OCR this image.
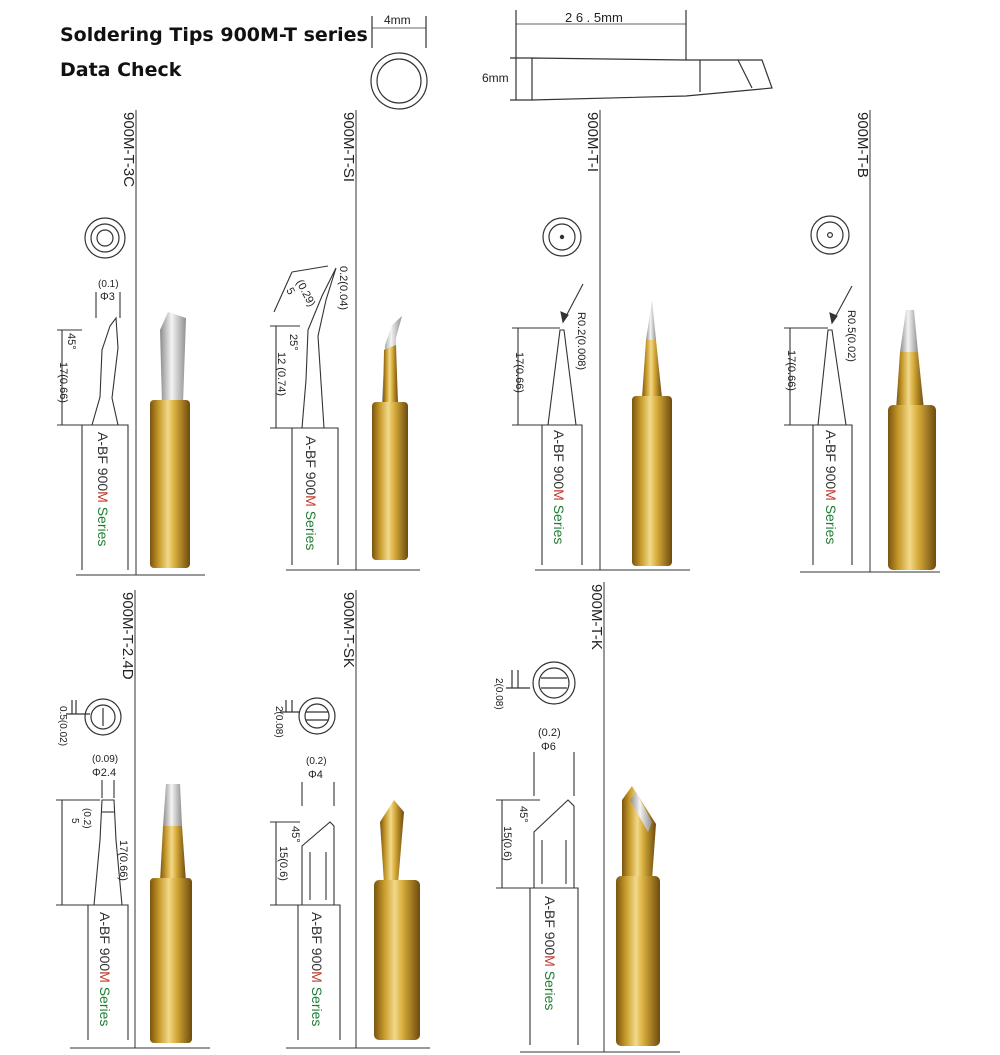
Soldering Tips 900M-T series
Data Check
4mm	2 6 . 5mm
6mm
900M-T-3C
(0.1)
Φ3
45°
17(0.66)
A-BF 900M Series
900M-T-SI
0.2(0.04)
(0.29)
5
25°
12 (0.74)
A-BF 900M Series
900M-T-I
R0.2(0.008)
17(0.66)
A-BF 900M Series
900M-T-B
R0.5(0.02)
17(0.66)
A-BF 900M Series
900M-T-2.4D
0.5(0.02)
(0.09)
Φ2.4
(0.2)
5
17(0.66)
A-BF 900M Series
900M-T-SK
2(0.08)
(0.2)
Φ4
45°
15(0.6)
A-BF 900M Series
900M-T-K
2(0.08)
(0.2)
Φ6
45°
15(0.6)
A-BF 900M Series
